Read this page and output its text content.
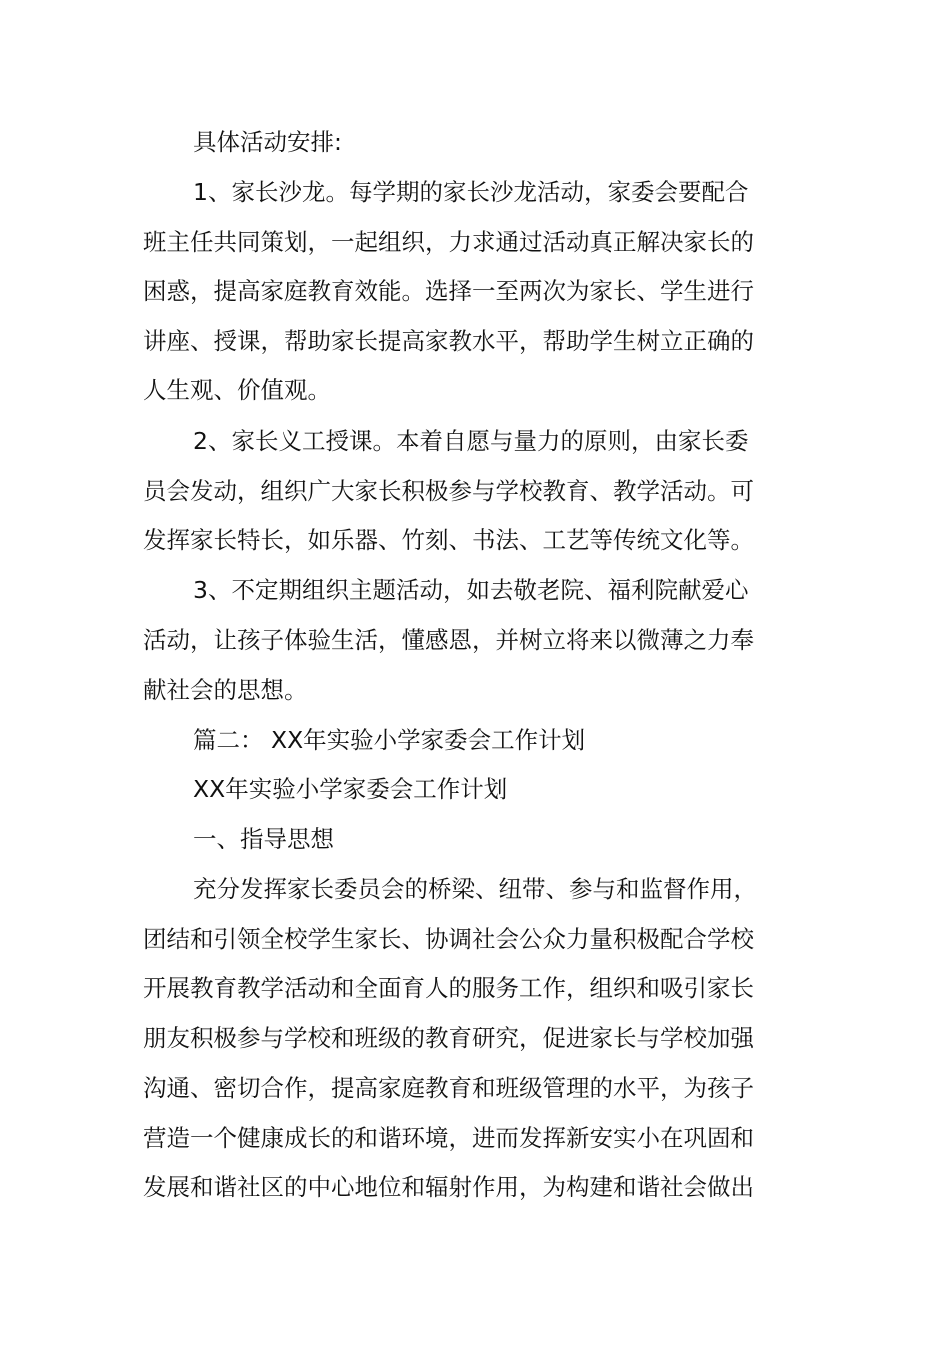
具体活动安排:
1、家长沙龙。每学期的家长沙龙活动，家委会要配合
班主任共同策划，一起组织，力求通过活动真正解决家长的
困惑，提高家庭教育效能。选择一至两次为家长、学生进行
讲座、授课，帮助家长提高家教水平，帮助学生树立正确的
人生观、价值观。
2、家长义工授课。本着自愿与量力的原则，由家长委
员会发动，组织广大家长积极参与学校教育、教学活动。可
发挥家长特长，如乐器、竹刻、书法、工艺等传统文化等。
3、不定期组织主题活动，如去敬老院、福利院献爱心
活动，让孩子体验生活，懂感恩，并树立将来以微薄之力奉
献社会的思想。
篇二： XX年实验小学家委会工作计划
XX年实验小学家委会工作计划
一、指导思想
充分发挥家长委员会的桥梁、纽带、参与和监督作用，
团结和引领全校学生家长、协调社会公众力量积极配合学校
开展教育教学活动和全面育人的服务工作，组织和吸引家长
朋友积极参与学校和班级的教育研究，促进家长与学校加强
沟通、密切合作，提高家庭教育和班级管理的水平，为孩子
营造一个健康成长的和谐环境，进而发挥新安实小在巩固和
发展和谐社区的中心地位和辐射作用，为构建和谐社会做出
